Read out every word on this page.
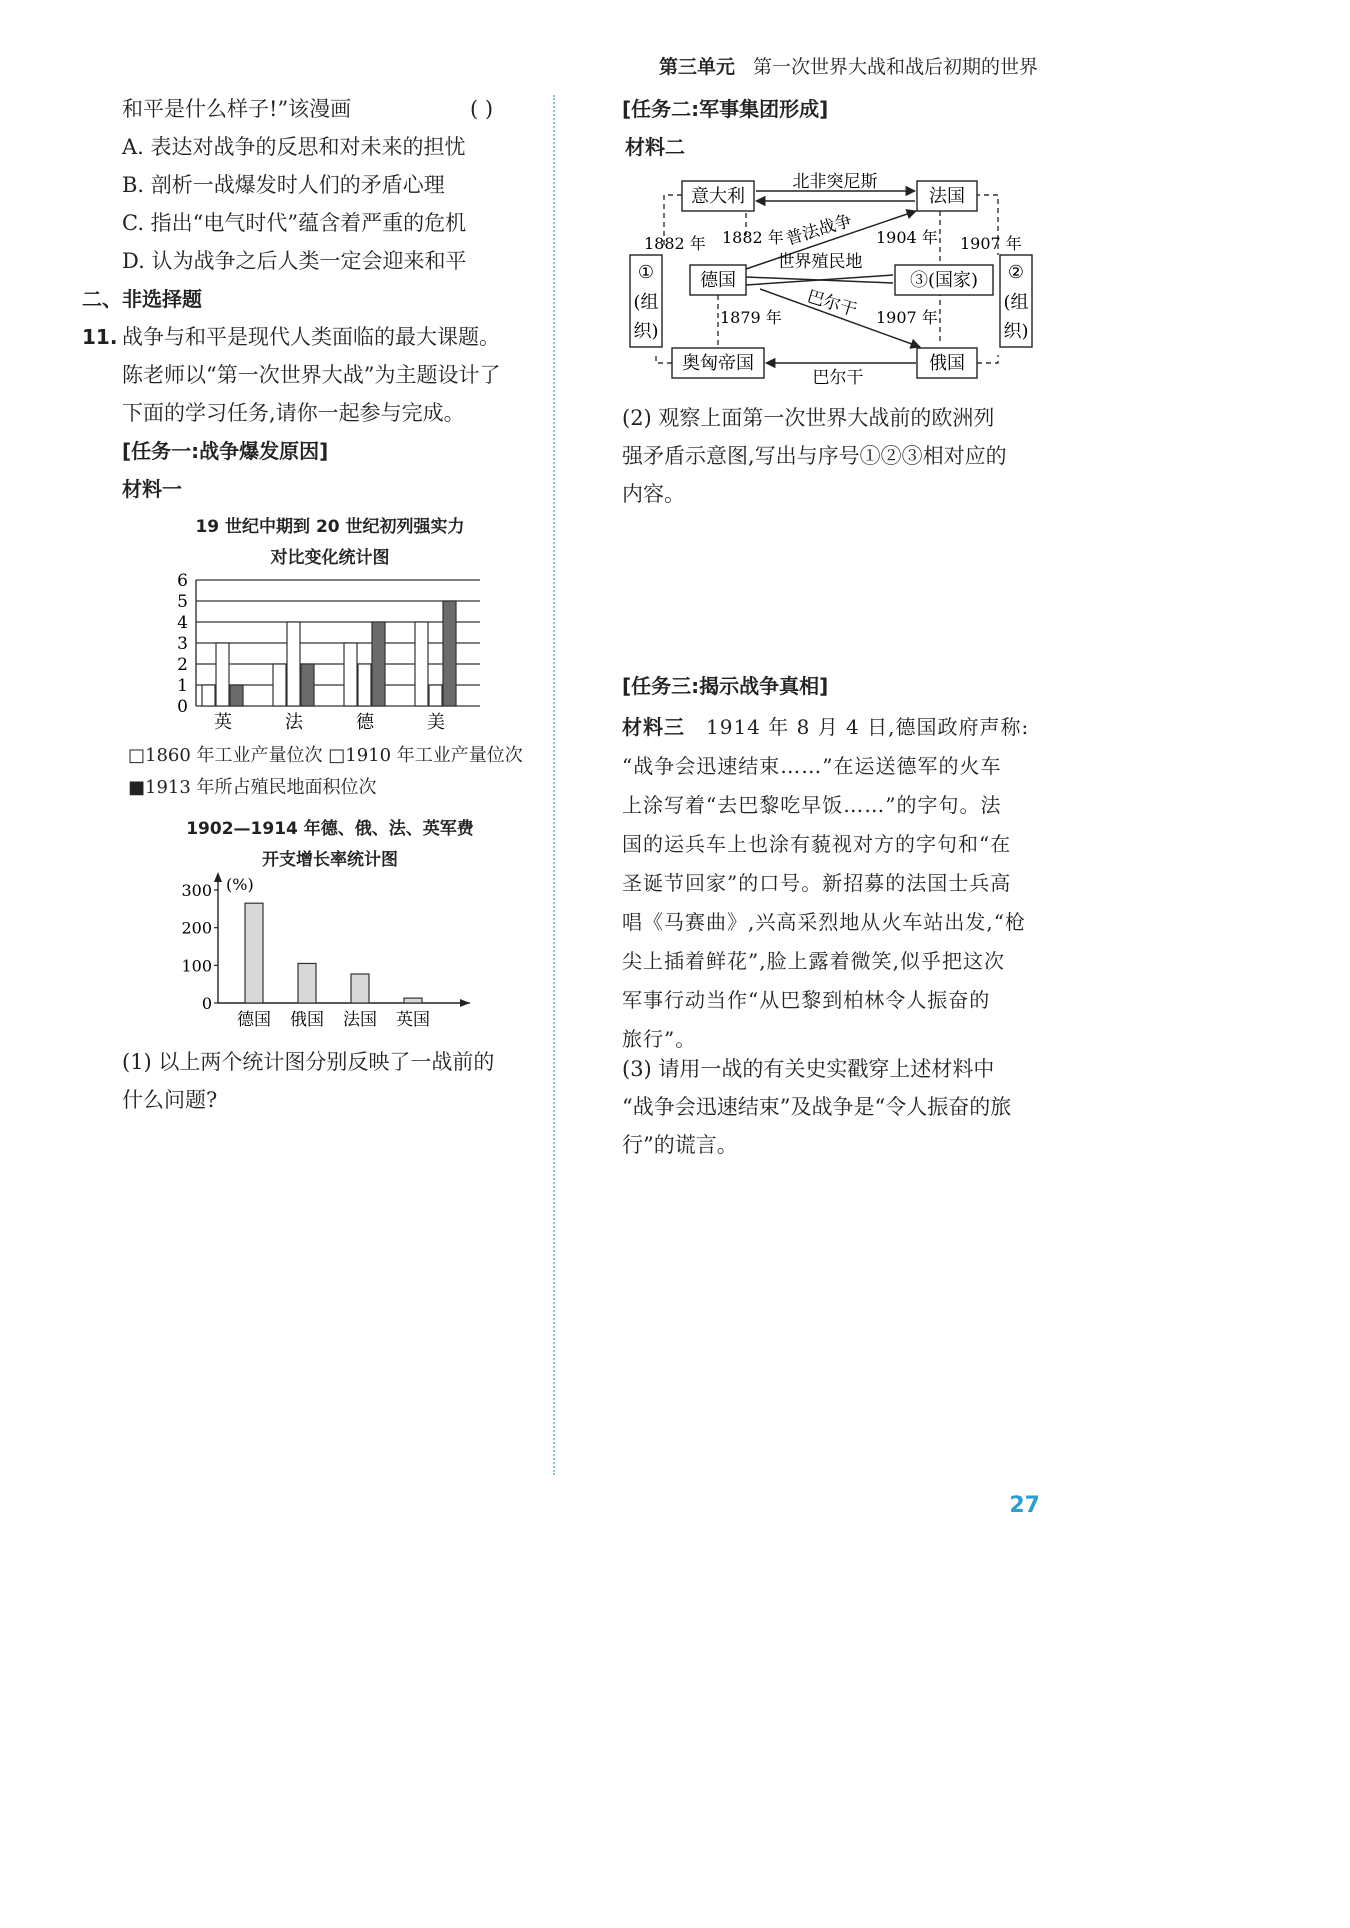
第三单元 第一次世界大战和战后初期的世界
和平是什么样子!”该漫画	( )
A. 表达对战争的反思和对未来的担忧
B. 剖析一战爆发时人们的矛盾心理
C. 指出“电气时代”蕴含着严重的危机
D. 认为战争之后人类一定会迎来和平
二、非选择题
11. 战争与和平是现代人类面临的最大课题。
陈老师以“第一次世界大战”为主题设计了
下面的学习任务,请你一起参与完成。
[任务一:战争爆发原因]
材料一
19 世纪中期到 20 世纪初列强实力
对比变化统计图
0
1
2
3
4
5
6
英	法	德	美
□1860 年工业产量位次 □1910 年工业产量位次
■1913 年所占殖民地面积位次
1902—1914 年德、俄、法、英军费
开支增长率统计图
(%)
0
100
200
300
德国 俄国 法国 英国
(1) 以上两个统计图分别反映了一战前的
什么问题?
[任务二:军事集团形成]
材料二
①
(组
织)
②
(组
织)
意大利	法国
德国	③(国家)
奥匈帝国	俄国
北非突尼斯
1882 年 1882 年 普法战争 1904 年 1907 年
世界殖民地
巴尔干
1879 年	1907 年
巴尔干
(2) 观察上面第一次世界大战前的欧洲列
强矛盾示意图,写出与序号①②③相对应的
内容。
[任务三:揭示战争真相]
材料三　1914 年 8 月 4 日,德国政府声称:
“战争会迅速结束……”在运送德军的火车
上涂写着“去巴黎吃早饭……”的字句。法
国的运兵车上也涂有藐视对方的字句和“在
圣诞节回家”的口号。新招募的法国士兵高
唱《马赛曲》,兴高采烈地从火车站出发,“枪
尖上插着鲜花”,脸上露着微笑,似乎把这次
军事行动当作“从巴黎到柏林令人振奋的
旅行”。
(3) 请用一战的有关史实戳穿上述材料中
“战争会迅速结束”及战争是“令人振奋的旅
行”的谎言。
27
